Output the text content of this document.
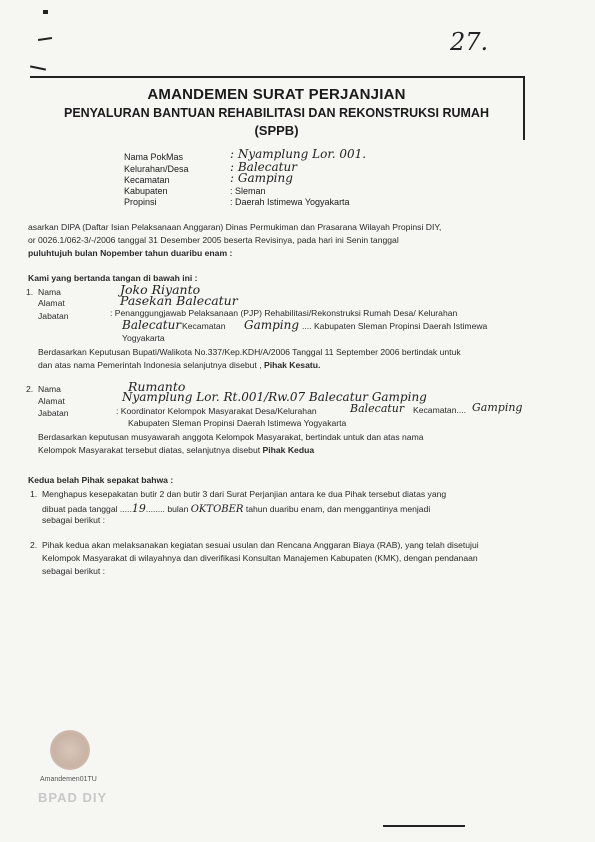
27.
AMANDEMEN SURAT PERJANJIAN
PENYALURAN BANTUAN REHABILITASI DAN REKONSTRUKSI RUMAH
(SPPB)
Nama PokMas	: Nyamplung Lor. 001.
Kelurahan/Desa	: Balecatur
Kecamatan	: Gamping
Kabupaten	: Sleman
Propinsi	: Daerah Istimewa Yogyakarta
asarkan DIPA (Daftar Isian Pelaksanaan Anggaran) Dinas Permukiman dan Prasarana Wilayah Propinsi DIY,
or 0026.1/062-3/-/2006 tanggal 31 Desember 2005 beserta Revisinya, pada hari ini Senin tanggal
puluhtujuh bulan Nopember tahun duaribu enam :
Kami yang bertanda tangan di bawah ini :
1. Nama	Joko Riyanto
Alamat	Pasekan Balecatur
Jabatan	: Penanggungjawab Pelaksanaan (PJP) Rehabilitasi/Rekonstruksi Rumah Desa/ Kelurahan
Balecatur Kecamatan Gamping .... Kabupaten Sleman Propinsi Daerah Istimewa
Yogyakarta
Berdasarkan Keputusan Bupati/Walikota No.337/Kep.KDH/A/2006 Tanggal 11 September 2006 bertindak untuk
dan atas nama Pemerintah Indonesia selanjutnya disebut , Pihak Kesatu.
2. Nama	Rumanto
Alamat	Nyamplung Lor. Rt.001/Rw.07 Balecatur Gamping
Jabatan	: Koordinator Kelompok Masyarakat Desa/Kelurahan	Balecatur Kecamatan.... Gamping
Kabupaten Sleman Propinsi Daerah Istimewa Yogyakarta
Berdasarkan keputusan musyawarah anggota Kelompok Masyarakat, bertindak untuk dan atas nama
Kelompok Masyarakat tersebut diatas, selanjutnya disebut Pihak Kedua
Kedua belah Pihak sepakat bahwa :
1. Menghapus kesepakatan butir 2 dan butir 3 dari Surat Perjanjian antara ke dua Pihak tersebut diatas yang
dibuat pada tanggal .....19........ bulan OKTOBER tahun duaribu enam, dan menggantinya menjadi
sebagai berikut :
2. Pihak kedua akan melaksanakan kegiatan sesuai usulan dan Rencana Anggaran Biaya (RAB), yang telah disetujui
Kelompok Masyarakat di wilayahnya dan diverifikasi Konsultan Manajemen Kabupaten (KMK), dengan pendanaan
sebagai berikut :
Amandemen01TU
BPAD DIY
